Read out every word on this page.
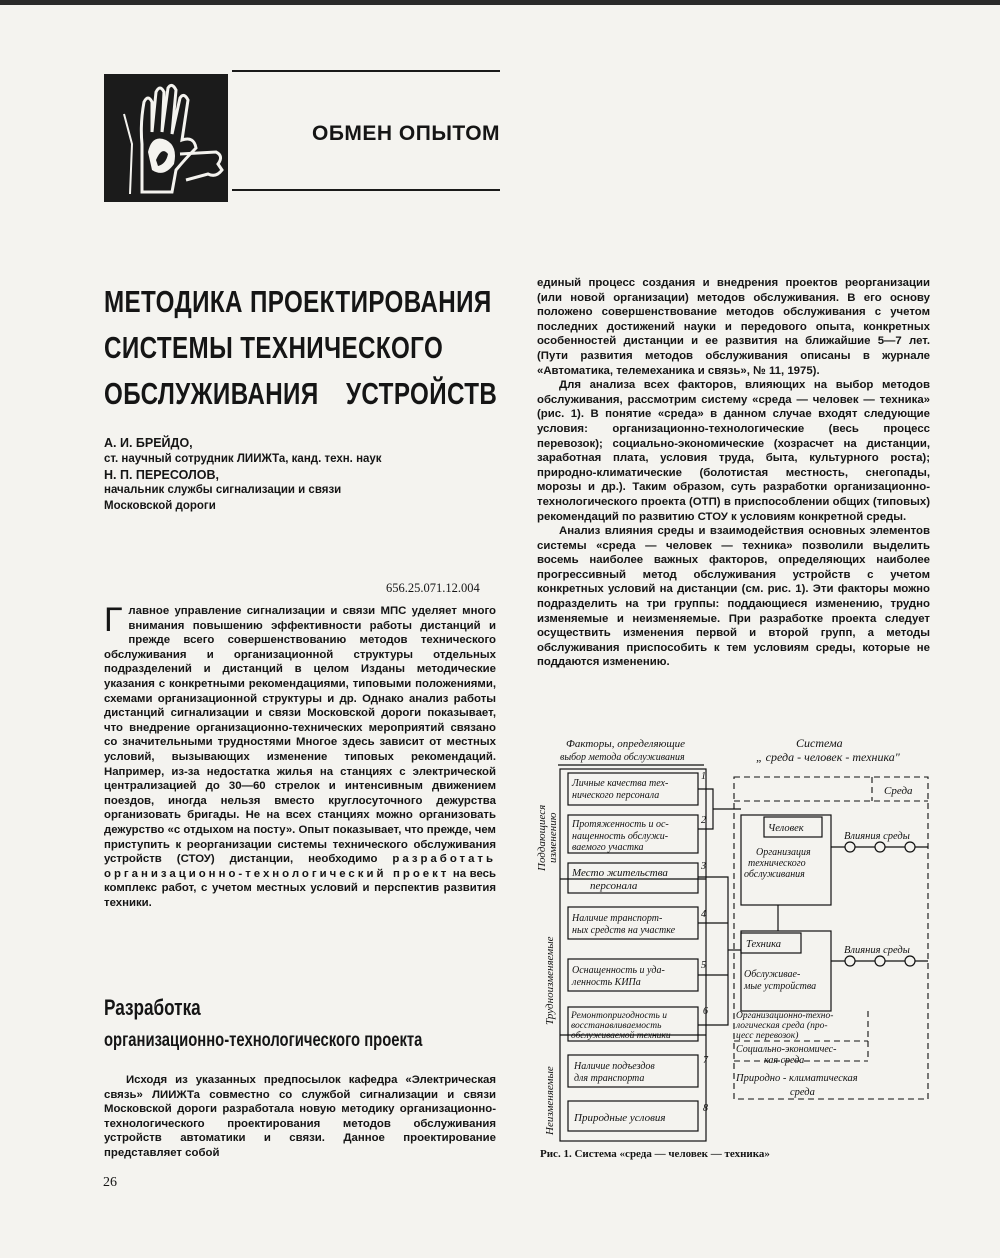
ОБМЕН ОПЫТОМ
МЕТОДИКА ПРОЕКТИРОВАНИЯ
СИСТЕМЫ ТЕХНИЧЕСКОГО
ОБСЛУЖИВАНИЯ УСТРОЙСТВ
А. И. БРЕЙДО,
ст. научный сотрудник ЛИИЖТа, канд. техн. наук
Н. П. ПЕРЕСОЛОВ,
начальник службы сигнализации и связи
Московской дороги
656.25.071.12.004
Главное управление сигнализации и связи МПС уделяет много внимания повышению эффективности работы дистанций и прежде всего совершенствованию методов технического обслуживания и организационной структуры отдельных подразделений и дистанций в целом Изданы методические указания с конкретными рекомендациями, типовыми положениями, схемами организационной структуры и др. Однако анализ работы дистанций сигнализации и связи Московской дороги показывает, что внедрение организационно-технических мероприятий связано со значительными трудностями Многое здесь зависит от местных условий, вызывающих изменение типовых рекомендаций. Например, из-за недостатка жилья на станциях с электрической централизацией до 30—60 стрелок и интенсивным движением поездов, иногда нельзя вместо круглосуточного дежурства организовать бригады. Не на всех станциях можно организовать дежурство «с отдыхом на посту». Опыт показывает, что прежде, чем приступить к реорганизации системы технического обслуживания устройств (СТОУ) дистанции, необходимо разработать организационно-технологический проект на весь комплекс работ, с учетом местных условий и перспектив развития техники.
Разработка
организационно-технологического проекта

Исходя из указанных предпосылок кафедра «Электрическая связь» ЛИИЖТа совместно со службой сигнализации и связи Московской дороги разработала новую методику организационно-технологического проектирования методов обслуживания устройств автоматики и связи. Данное проектирование представляет собой

26

единый процесс создания и внедрения проектов реорганизации (или новой организации) методов обслуживания. В его основу положено совершенствование методов обслуживания с учетом последних достижений науки и передового опыта, конкретных особенностей дистанции и ее развития на ближайшие 5—7 лет. (Пути развития методов обслуживания описаны в журнале «Автоматика, телемеханика и связь», № 11, 1975).

Для анализа всех факторов, влияющих на выбор методов обслуживания, рассмотрим систему «среда — человек — техника» (рис. 1). В понятие «среда» в данном случае входят следующие условия: организационно-технологические (весь процесс перевозок); социально-экономические (хозрасчет на дистанции, заработная плата, условия труда, быта, культурного роста); природно-климатические (болотистая местность, снегопады, морозы и др.). Таким образом, суть разработки организационно-технологического проекта (ОТП) в приспособлении общих (типовых) рекомендаций по развитию СТОУ к условиям конкретной среды.

Анализ влияния среды и взаимодействия основных элементов системы «среда — человек — техника» позволили выделить восемь наиболее важных факторов, определяющих наиболее прогрессивный метод обслуживания устройств с учетом конкретных условий на дистанции (см. рис. 1). Эти факторы можно подразделить на три группы: поддающиеся изменению, трудно изменяемые и неизменяемые. При разработке проекта следует осуществить изменения первой и второй групп, а методы обслуживания приспособить к тем условиям среды, которые не поддаются изменению.

Факторы, определяющие
выбор метода обслуживания
Система
„ среда - человек - техника"
Поддающиеся изменению
Трудноизменяемые
Неизменяемые
Личные качества тех-
нического персонала
1
Протяженность и ос-
нащенность обслужи-
ваемого участка
2
Место жительства
персонала
3
Наличие транспорт-
ных средств на участке
4
Оснащенность и уда-
ленность КИПа
5
Ремонтопригодность и
восстанавливаемость
обслуживаемой техники
6
Наличие подъездов
для транспорта
7
Природные условия
8
Среда
Человек
Организация
технического
обслуживания
Техника
Обслуживае-
мые устройства
Влияния среды
Влияния среды
Организационно-техно-
логическая среда (про-
цесс перевозок)
Социально-экономичес-
кая среда
Природно - климатическая
среда
Рис. 1. Система «среда — человек — техника»
